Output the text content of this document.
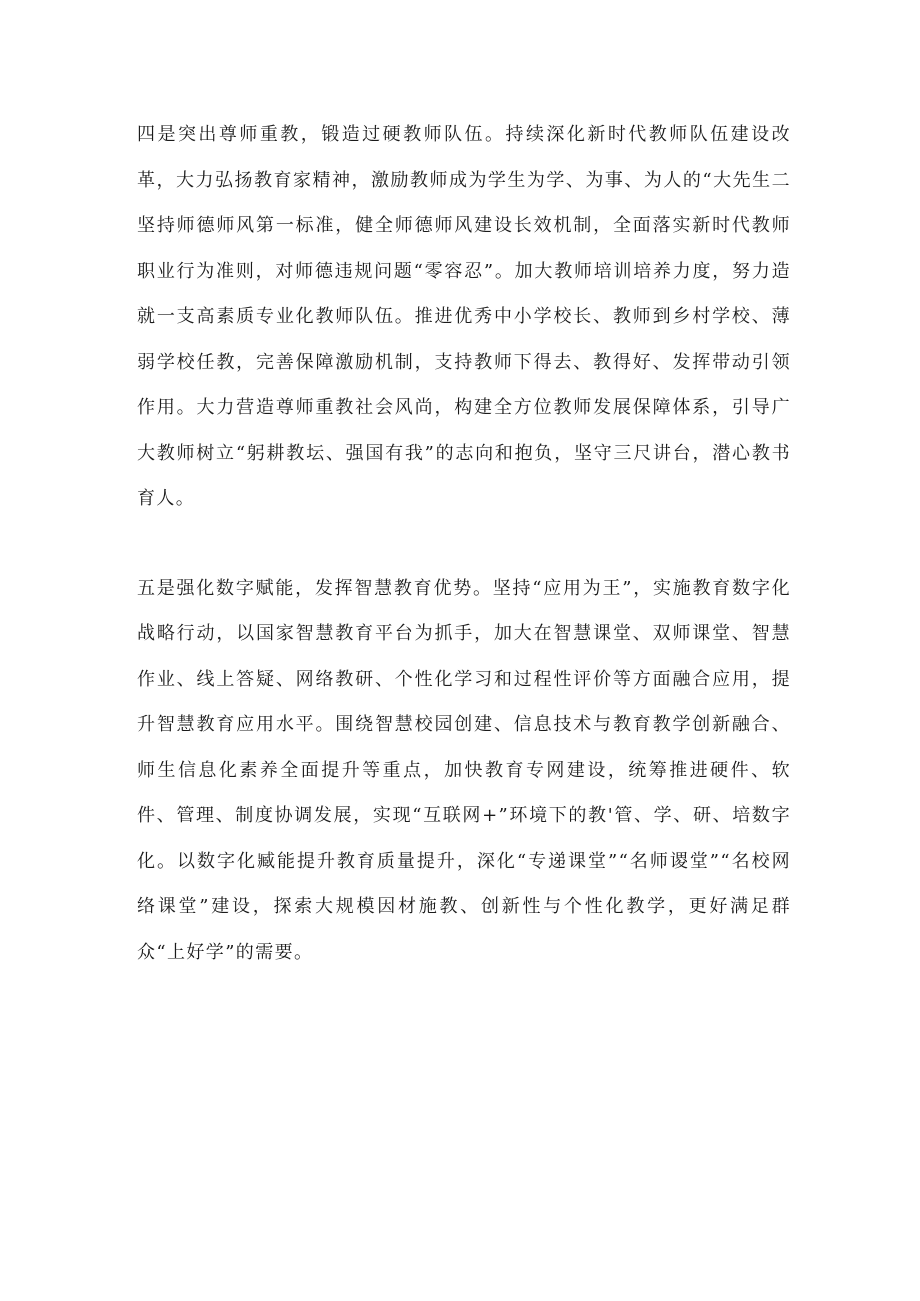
四是突出尊师重教，锻造过硬教师队伍。持续深化新时代教师队伍建设改革，大力弘扬教育家精神，激励教师成为学生为学、为事、为人的“大先生二坚持师德师风第一标准，健全师德师风建设长效机制，全面落实新时代教师职业行为准则，对师德违规问题“零容忍”。加大教师培训培养力度，努力造就一支高素质专业化教师队伍。推进优秀中小学校长、教师到乡村学校、薄弱学校任教，完善保障激励机制，支持教师下得去、教得好、发挥带动引领作用。大力营造尊师重教社会风尚，构建全方位教师发展保障体系，引导广大教师树立“躬耕教坛、强国有我”的志向和抱负，坚守三尺讲台，潜心教书育人。

五是强化数字赋能，发挥智慧教育优势。坚持“应用为王”，实施教育数字化战略行动，以国家智慧教育平台为抓手，加大在智慧课堂、双师课堂、智慧作业、线上答疑、网络教研、个性化学习和过程性评价等方面融合应用，提升智慧教育应用水平。围绕智慧校园创建、信息技术与教育教学创新融合、师生信息化素养全面提升等重点，加快教育专网建设，统筹推进硬件、软件、管理、制度协调发展，实现“互联网+”环境下的教'管、学、研、培数字化。以数字化臧能提升教育质量提升，深化“专递课堂”“名师谡堂”“名校网络课堂”建设，探索大规模因材施教、创新性与个性化教学，更好满足群众“上好学”的需要。
